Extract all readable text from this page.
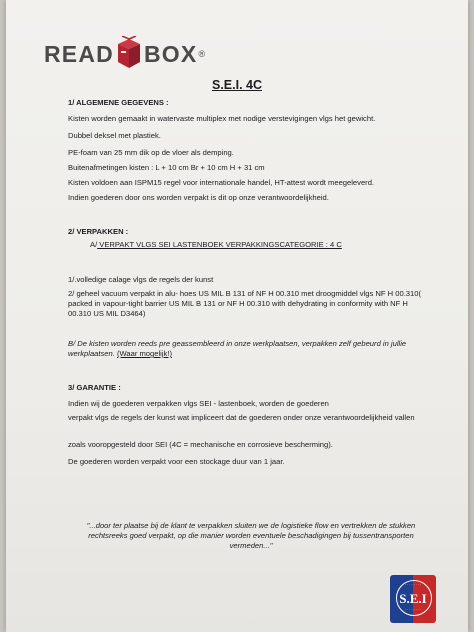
READ BOX ®
S.E.I. 4C
1/ ALGEMENE GEGEVENS :
Kisten worden gemaakt in watervaste multiplex met nodige verstevigingen vlgs het gewicht.
Dubbel deksel met plastiek.
PE-foam van 25 mm dik op de vloer als demping.
Buitenafmetingen kisten : L + 10 cm Br + 10 cm H + 31 cm
Kisten voldoen aan ISPM15 regel voor internationale handel, HT-attest wordt meegeleverd.
Indien goederen door ons worden verpakt is dit op onze verantwoordelijkheid.
2/ VERPAKKEN :
A/ VERPAKT VLGS SEI LASTENBOEK VERPAKKINGSCATEGORIE : 4 C
1/.volledige calage vlgs de regels der kunst
2/ geheel vacuum verpakt in alu- hoes US MIL B 131 of NF H 00.310 met droogmiddel vlgs NF H 00.310( packed in vapour-tight barrier US MIL B 131 or NF H 00.310 with dehydrating in conformity with NF H 00.310 US MIL D3464)
B/ De kisten worden reeds pre geassembleerd in onze werkplaatsen, verpakken zelf gebeurd in jullie werkplaatsen. (Waar mogelijk!)
3/ GARANTIE :
Indien wij de goederen verpakken vlgs SEI - lastenboek, worden de goederen
verpakt vlgs de regels der kunst wat impliceert dat de goederen onder onze verantwoordelijkheid vallen
zoals vooropgesteld door SEI (4C = mechanische en corrosieve bescherming).
De goederen worden verpakt voor een stockage duur van 1 jaar.
"...door ter plaatse bij de klant te verpakken sluiten we de logistieke flow en vertrekken de stukken rechtsreeks goed verpakt, op die manier worden eventuele beschadigingen bij tussentransporten vermeden..."
· · · · · · · ·
S.E.I
· · · · · · · ·
